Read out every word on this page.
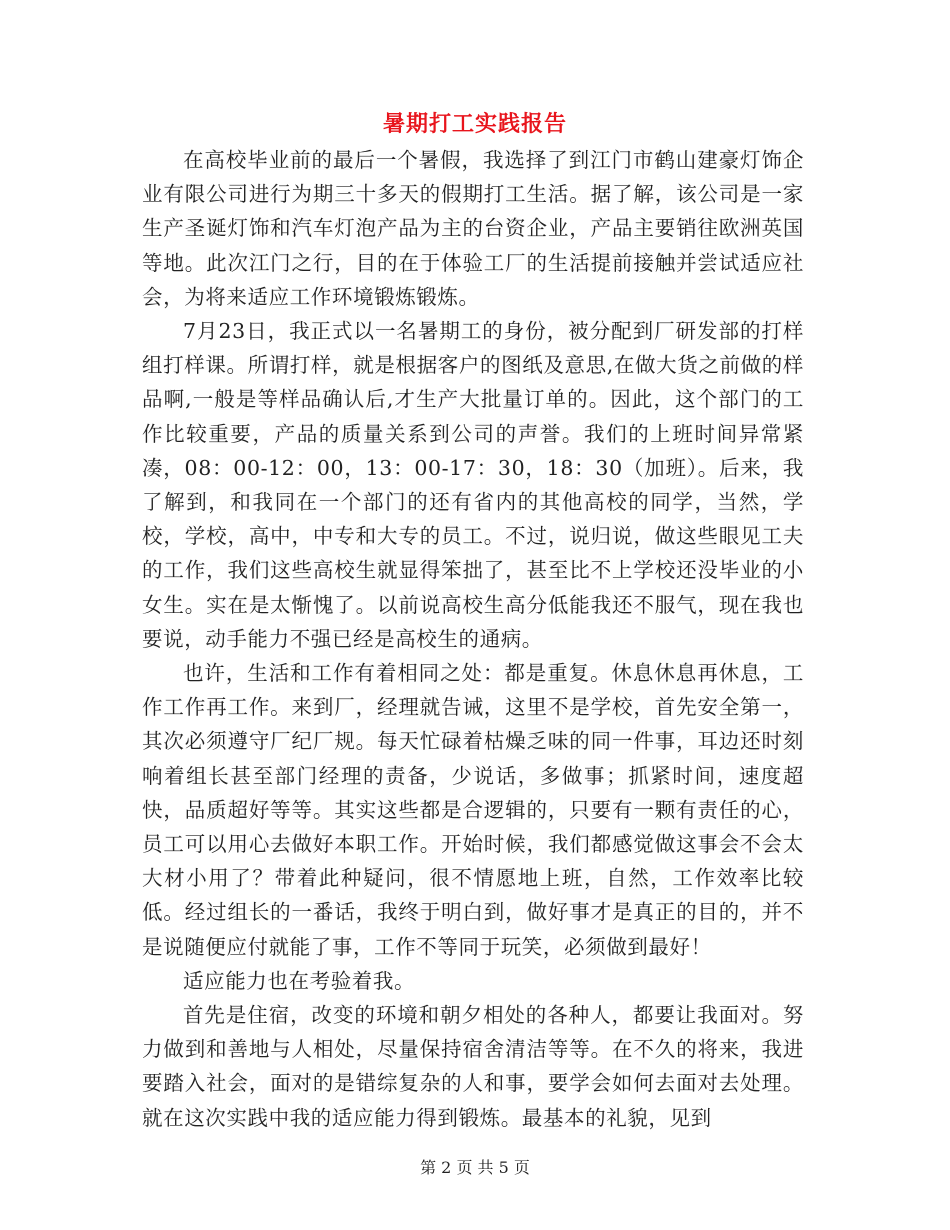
暑期打工实践报告

在高校毕业前的最后一个暑假，我选择了到江门市鹤山建豪灯饰企业有限公司进行为期三十多天的假期打工生活。据了解，该公司是一家生产圣诞灯饰和汽车灯泡产品为主的台资企业，产品主要销往欧洲英国等地。此次江门之行，目的在于体验工厂的生活提前接触并尝试适应社会，为将来适应工作环境锻炼锻炼。

7月23日，我正式以一名暑期工的身份，被分配到厂研发部的打样组打样课。所谓打样，就是根据客户的图纸及意思,在做大货之前做的样品啊,一般是等样品确认后,才生产大批量订单的。因此，这个部门的工作比较重要，产品的质量关系到公司的声誉。我们的上班时间异常紧凑，08：00-12：00，13：00-17：30，18：30（加班）。后来，我了解到，和我同在一个部门的还有省内的其他高校的同学，当然，学校，学校，高中，中专和大专的员工。不过，说归说，做这些眼见工夫的工作，我们这些高校生就显得笨拙了，甚至比不上学校还没毕业的小女生。实在是太惭愧了。以前说高校生高分低能我还不服气，现在我也要说，动手能力不强已经是高校生的通病。

也许，生活和工作有着相同之处：都是重复。休息休息再休息，工作工作再工作。来到厂，经理就告诫，这里不是学校，首先安全第一，其次必须遵守厂纪厂规。每天忙碌着枯燥乏味的同一件事，耳边还时刻响着组长甚至部门经理的责备，少说话，多做事；抓紧时间，速度超快，品质超好等等。其实这些都是合逻辑的，只要有一颗有责任的心，员工可以用心去做好本职工作。开始时候，我们都感觉做这事会不会太大材小用了？带着此种疑问，很不情愿地上班，自然，工作效率比较低。经过组长的一番话，我终于明白到，做好事才是真正的目的，并不是说随便应付就能了事，工作不等同于玩笑，必须做到最好！

适应能力也在考验着我。

首先是住宿，改变的环境和朝夕相处的各种人，都要让我面对。努力做到和善地与人相处，尽量保持宿舍清洁等等。在不久的将来，我进要踏入社会，面对的是错综复杂的人和事，要学会如何去面对去处理。就在这次实践中我的适应能力得到锻炼。最基本的礼貌，见到

第 2 页 共 5 页
